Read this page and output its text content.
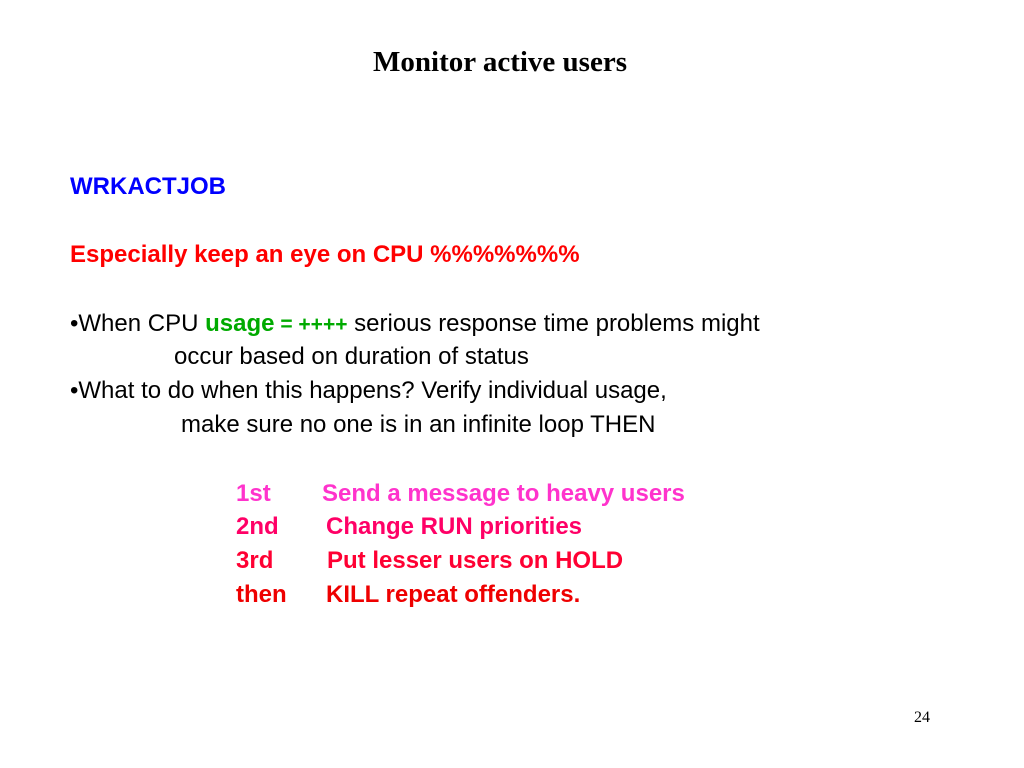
Monitor active users
WRKACTJOB
Especially keep an eye on CPU %%%%%%%
•When CPU usage = ++++ serious response time problems might
occur based on duration of status
•What to do when this happens? Verify individual usage,
make sure no one is in an infinite loop THEN
1st Send a message to heavy users
2nd Change RUN priorities
3rd Put lesser users on HOLD
then KILL repeat offenders.
24
